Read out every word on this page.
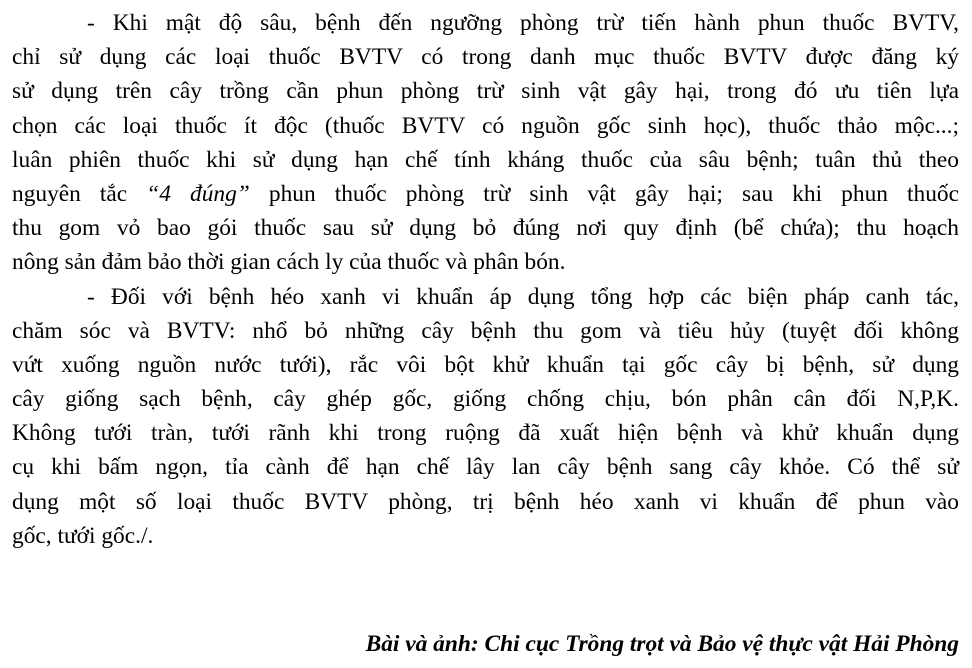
- Khi mật độ sâu, bệnh đến ngưỡng phòng trừ tiến hành phun thuốc BVTV,
chỉ sử dụng các loại thuốc BVTV có trong danh mục thuốc BVTV được đăng ký
sử dụng trên cây trồng cần phun phòng trừ sinh vật gây hại, trong đó ưu tiên lựa
chọn các loại thuốc ít độc (thuốc BVTV có nguồn gốc sinh học), thuốc thảo mộc...;
luân phiên thuốc khi sử dụng hạn chế tính kháng thuốc của sâu bệnh; tuân thủ theo
nguyên tắc “4 đúng” phun thuốc phòng trừ sinh vật gây hại; sau khi phun thuốc
thu gom vỏ bao gói thuốc sau sử dụng bỏ đúng nơi quy định (bể chứa); thu hoạch
nông sản đảm bảo thời gian cách ly của thuốc và phân bón.
- Đối với bệnh héo xanh vi khuẩn áp dụng tổng hợp các biện pháp canh tác,
chăm sóc và BVTV: nhổ bỏ những cây bệnh thu gom và tiêu hủy (tuyệt đối không
vứt xuống nguồn nước tưới), rắc vôi bột khử khuẩn tại gốc cây bị bệnh, sử dụng
cây giống sạch bệnh, cây ghép gốc, giống chống chịu, bón phân cân đối N,P,K.
Không tưới tràn, tưới rãnh khi trong ruộng đã xuất hiện bệnh và khử khuẩn dụng
cụ khi bấm ngọn, tỉa cành để hạn chế lây lan cây bệnh sang cây khỏe. Có thể sử
dụng một số loại thuốc BVTV phòng, trị bệnh héo xanh vi khuẩn để phun vào
gốc, tưới gốc./.
Bài và ảnh: Chi cục Trồng trọt và Bảo vệ thực vật Hải Phòng
